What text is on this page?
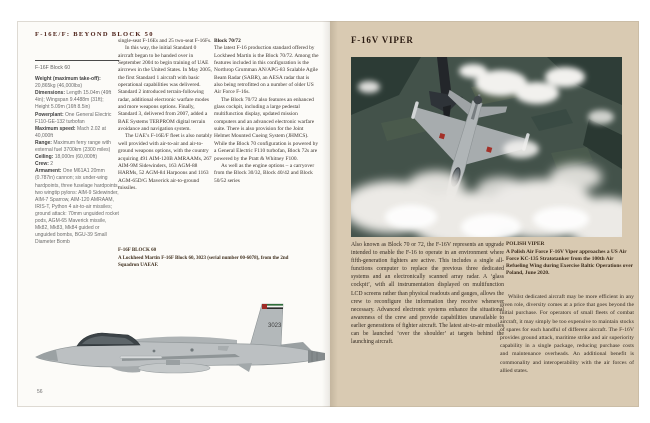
F-16E/F: BEYOND BLOCK 50
F-16F Block 60
Weight (maximum take-off): 20,865kg (46,000lbs)
Dimensions: Length 15.04m (49ft 4in); Wingspan 9.4488m (31ft); Height 5.09m (16ft 8.5in)
Powerplant: One General Electric F110-GE-132 turbofan
Maximum speed: Mach 2.02 at 40,000ft
Range: Maximum ferry range with external fuel 3700km (2300 miles)
Ceiling: 18,000m (60,000ft)
Crew: 2
Armament: One M61A1 20mm (0.787in) cannon; six under-wing hardpoints, three fuselage hardpoints, two wingtip pylons: AIM-9 Sidewinder, AIM-7 Sparrow, AIM-120 AMRAAM, IRIS-T, Python 4 air-to-air missiles; ground attack: 70mm unguided rocket pods, AGM-65 Maverick missile, Mk82, Mk83, Mk84 guided or unguided bombs, BGU-39 Small Diameter Bomb

single-seat F-16Es and 25 two-seat F-16Fs.

In this way, the initial Standard 0 aircraft began to be handed over in September 2004 to begin training of UAE aircrews in the United States. In May 2005, the first Standard 1 aircraft with basic operational capabilities was delivered. Standard 2 introduced terrain-following radar, additional electronic warfare modes and more weapons options. Finally, Standard 3, delivered from 2007, added a BAE Systems TERPROM digital terrain avoidance and navigation system.

The UAE’s F-16E/F fleet is also notably well provided with air-to-air and air-to-ground weapons options, with the country acquiring 491 AIM-120B AMRAAMs, 267 AIM-9M Sidewinders, 163 AGM-88 HARMs, 52 AGM-84 Harpoons and 1163 AGM-65D/G Maverick air-to-ground missiles.

Block 70/72

The latest F-16 production standard offered by Lockheed Martin is the Block 70/72. Among the features included in this configuration is the Northrop Grumman AN/APG-83 Scalable Agile Beam Radar (SABR), an AESA radar that is also being retrofitted on a number of older US Air Force F-16s.

The Block 70/72 also features an enhanced glass cockpit, including a large pedestal multifunction display, updated mission computers and an advanced electronic warfare suite. There is also provision for the Joint Helmet Mounted Cueing System (JHMCS). While the Block 70 configuration is powered by a General Electric F110 turbofan, Block 72s are powered by the Pratt & Whitney F100.

As well as the engine options – a carryover from the Block 30/32, Block 40/42 and Block 50/52 series

F-16F BLOCK 60
A Lockheed Martin F-16F Block 60, 3023 (serial number 00-6078), from the 2nd Squadron UAEAF.
3023
56
F-16V VIPER

Also known as Block 70 or 72, the F-16V represents an upgrade intended to enable the F-16 to operate in an environment where fifth-generation fighters are active. This includes a single all-functions computer to replace the previous three dedicated systems and an electronically scanned array radar. A ‘glass cockpit’, with all instrumentation displayed on multifunction LCD screens rather than physical readouts and gauges, allows the crew to reconfigure the information they receive whenever necessary. Advanced electronic systems enhance the situational awareness of the crew and provide capabilities unavailable to earlier generations of fighter aircraft. The latest air-to-air missiles can be launched ‘over the shoulder’ at targets behind the launching aircraft.

POLISH VIPER
A Polish Air Force F-16V Viper approaches a US Air Force KC-135 Stratotanker from the 100th Air Refueling Wing during Exercise Baltic Operations over Poland, June 2020.

Whilst dedicated aircraft may be more efficient in any given role, diversity comes at a price that goes beyond the initial purchase. For operators of small fleets of combat aircraft, it may simply be too expensive to maintain stocks of spares for each handful of different aircraft. The F-16V provides ground attack, maritime strike and air superiority capability in a single package, reducing purchase costs and maintenance overheads. An additional benefit is commonality and interoperability with the air forces of allied states.
